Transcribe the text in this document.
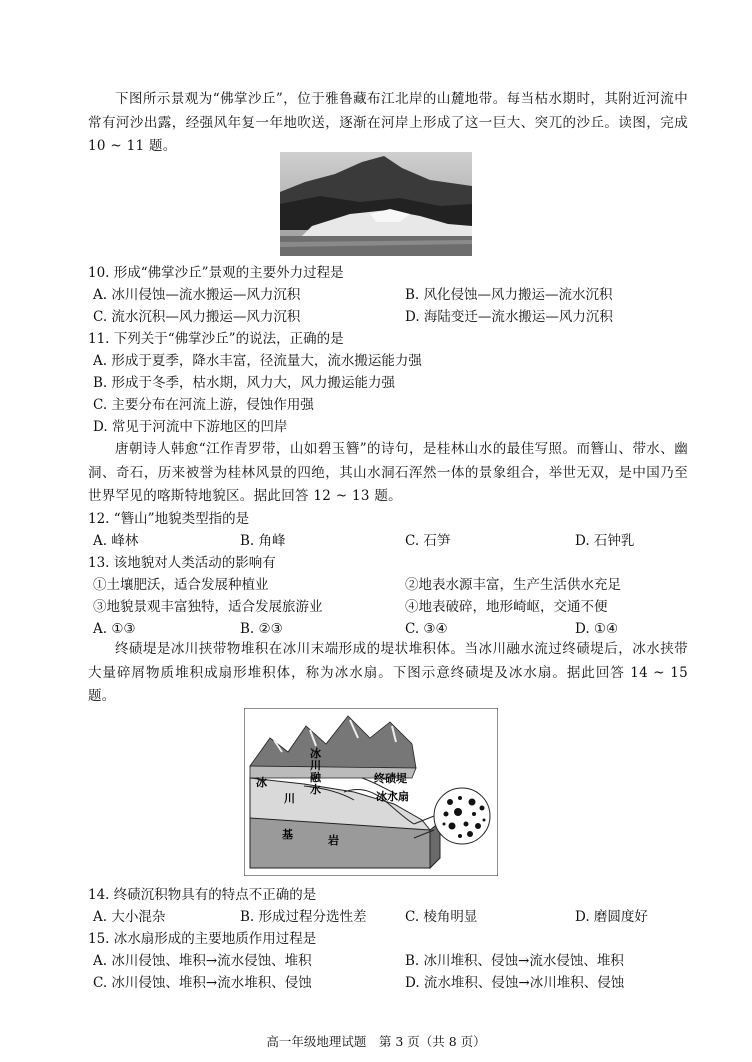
下图所示景观为“佛掌沙丘”，位于雅鲁藏布江北岸的山麓地带。每当枯水期时，其附近河流中常有河沙出露，经强风年复一年地吹送，逐渐在河岸上形成了这一巨大、突兀的沙丘。读图，完成 10 ~ 11 题。
10. 形成“佛掌沙丘”景观的主要外力过程是
A. 冰川侵蚀—流水搬运—风力沉积	B. 风化侵蚀—风力搬运—流水沉积
C. 流水沉积—风力搬运—风力沉积	D. 海陆变迁—流水搬运—风力沉积
11. 下列关于“佛掌沙丘”的说法，正确的是
A. 形成于夏季，降水丰富，径流量大，流水搬运能力强
B. 形成于冬季，枯水期，风力大，风力搬运能力强
C. 主要分布在河流上游，侵蚀作用强
D. 常见于河流中下游地区的凹岸
唐朝诗人韩愈“江作青罗带，山如碧玉簪”的诗句，是桂林山水的最佳写照。而簪山、带水、幽洞、奇石，历来被誉为桂林风景的四绝，其山水洞石浑然一体的景象组合，举世无双，是中国乃至世界罕见的喀斯特地貌区。据此回答 12 ~ 13 题。
12. “簪山”地貌类型指的是
A. 峰林	B. 角峰	C. 石笋	D. 石钟乳
13. 该地貌对人类活动的影响有
①土壤肥沃，适合发展种植业	②地表水源丰富，生产生活供水充足
③地貌景观丰富独特，适合发展旅游业	④地表破碎，地形崎岖，交通不便
A. ①③	B. ②③	C. ③④	D. ①④
终碛堤是冰川挟带物堆积在冰川末端形成的堤状堆积体。当冰川融水流过终碛堤后，冰水挟带大量碎屑物质堆积成扇形堆积体，称为冰水扇。下图示意终碛堤及冰水扇。据此回答 14 ~ 15 题。
冰
川
基	岩
冰川融水
终碛堤
冰水扇
14. 终碛沉积物具有的特点不正确的是
A. 大小混杂	B. 形成过程分选性差	C. 棱角明显	D. 磨圆度好
15. 冰水扇形成的主要地质作用过程是
A. 冰川侵蚀、堆积→流水侵蚀、堆积	B. 冰川堆积、侵蚀→流水侵蚀、堆积
C. 冰川侵蚀、堆积→流水堆积、侵蚀	D. 流水堆积、侵蚀→冰川堆积、侵蚀
高一年级地理试题　第 3 页（共 8 页）
